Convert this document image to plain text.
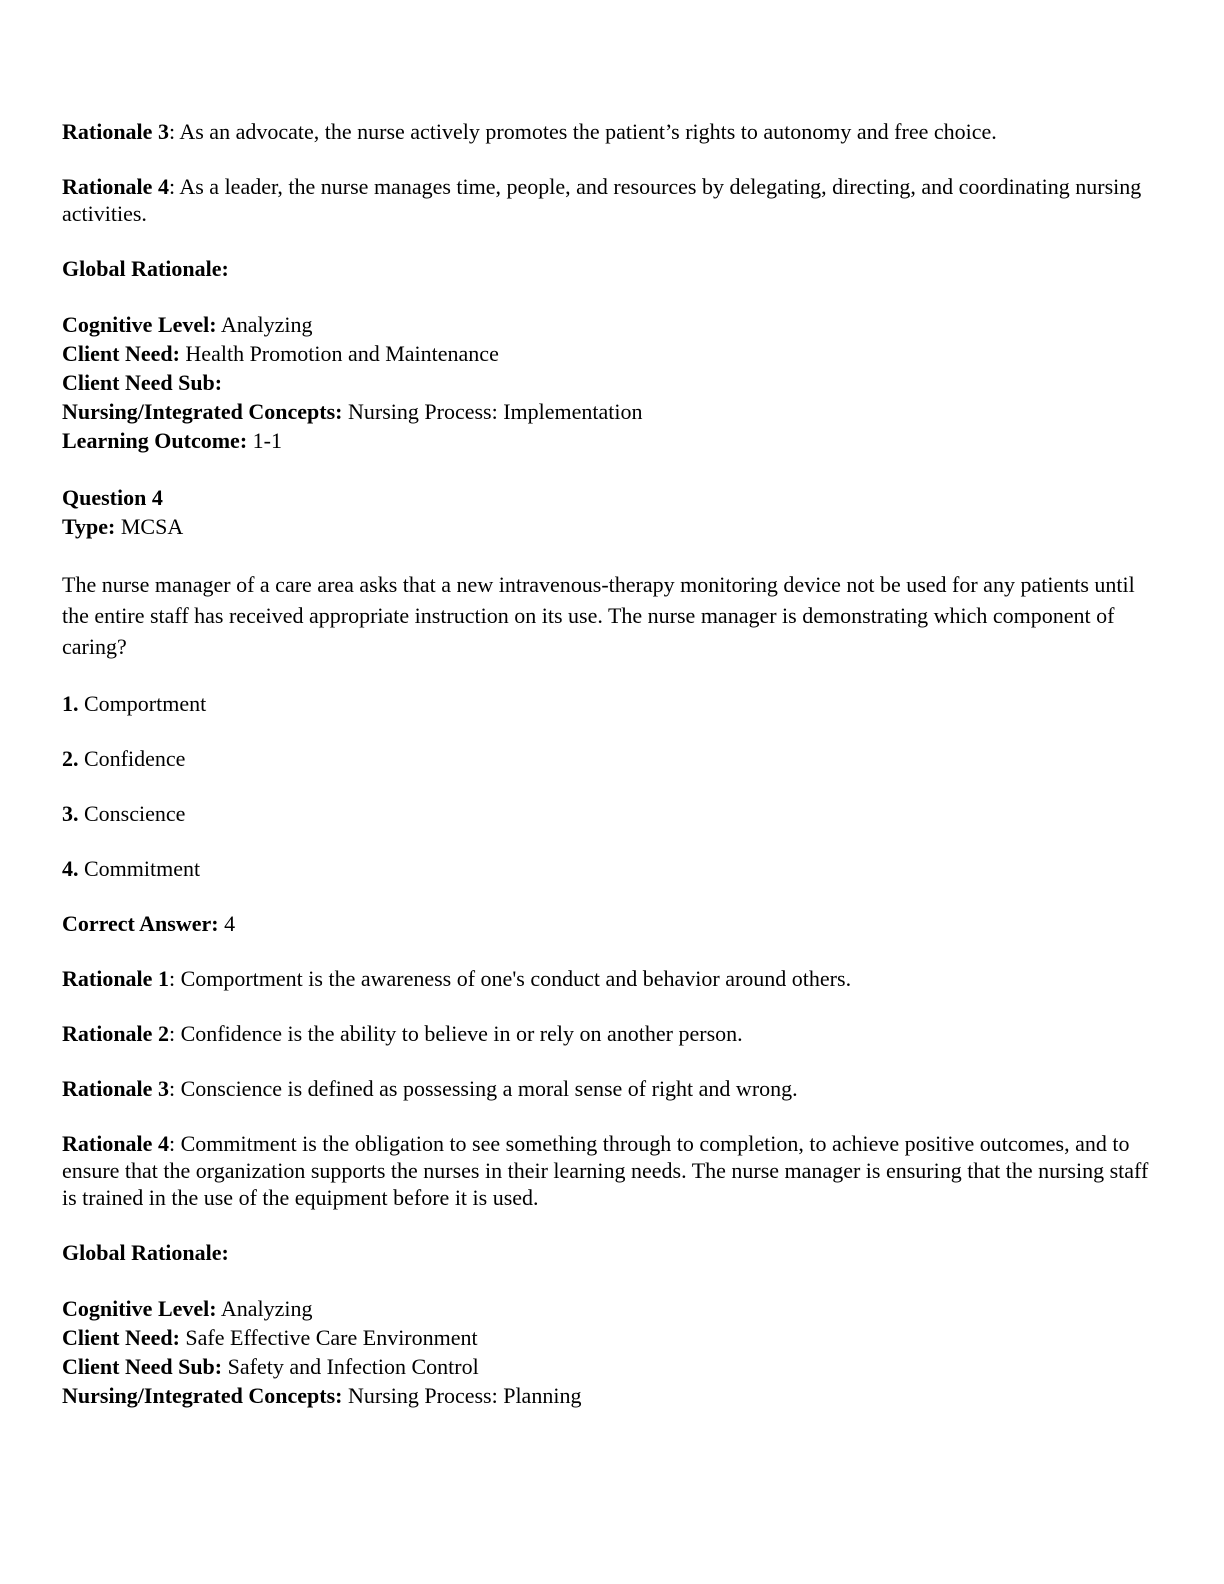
Rationale 3: As an advocate, the nurse actively promotes the patient’s rights to autonomy and free choice.

Rationale 4: As a leader, the nurse manages time, people, and resources by delegating, directing, and coordinating nursing activities.

Global Rationale:

Cognitive Level: Analyzing

Client Need: Health Promotion and Maintenance

Client Need Sub:

Nursing/Integrated Concepts: Nursing Process: Implementation

Learning Outcome: 1-1

Question 4

Type: MCSA

The nurse manager of a care area asks that a new intravenous-therapy monitoring device not be used for any patients until the entire staff has received appropriate instruction on its use. The nurse manager is demonstrating which component of caring?

1. Comportment

2. Confidence

3. Conscience

4. Commitment

Correct Answer: 4

Rationale 1: Comportment is the awareness of one's conduct and behavior around others.

Rationale 2: Confidence is the ability to believe in or rely on another person.

Rationale 3: Conscience is defined as possessing a moral sense of right and wrong.

Rationale 4: Commitment is the obligation to see something through to completion, to achieve positive outcomes, and to ensure that the organization supports the nurses in their learning needs. The nurse manager is ensuring that the nursing staff is trained in the use of the equipment before it is used.

Global Rationale:

Cognitive Level: Analyzing

Client Need: Safe Effective Care Environment

Client Need Sub: Safety and Infection Control

Nursing/Integrated Concepts: Nursing Process: Planning
